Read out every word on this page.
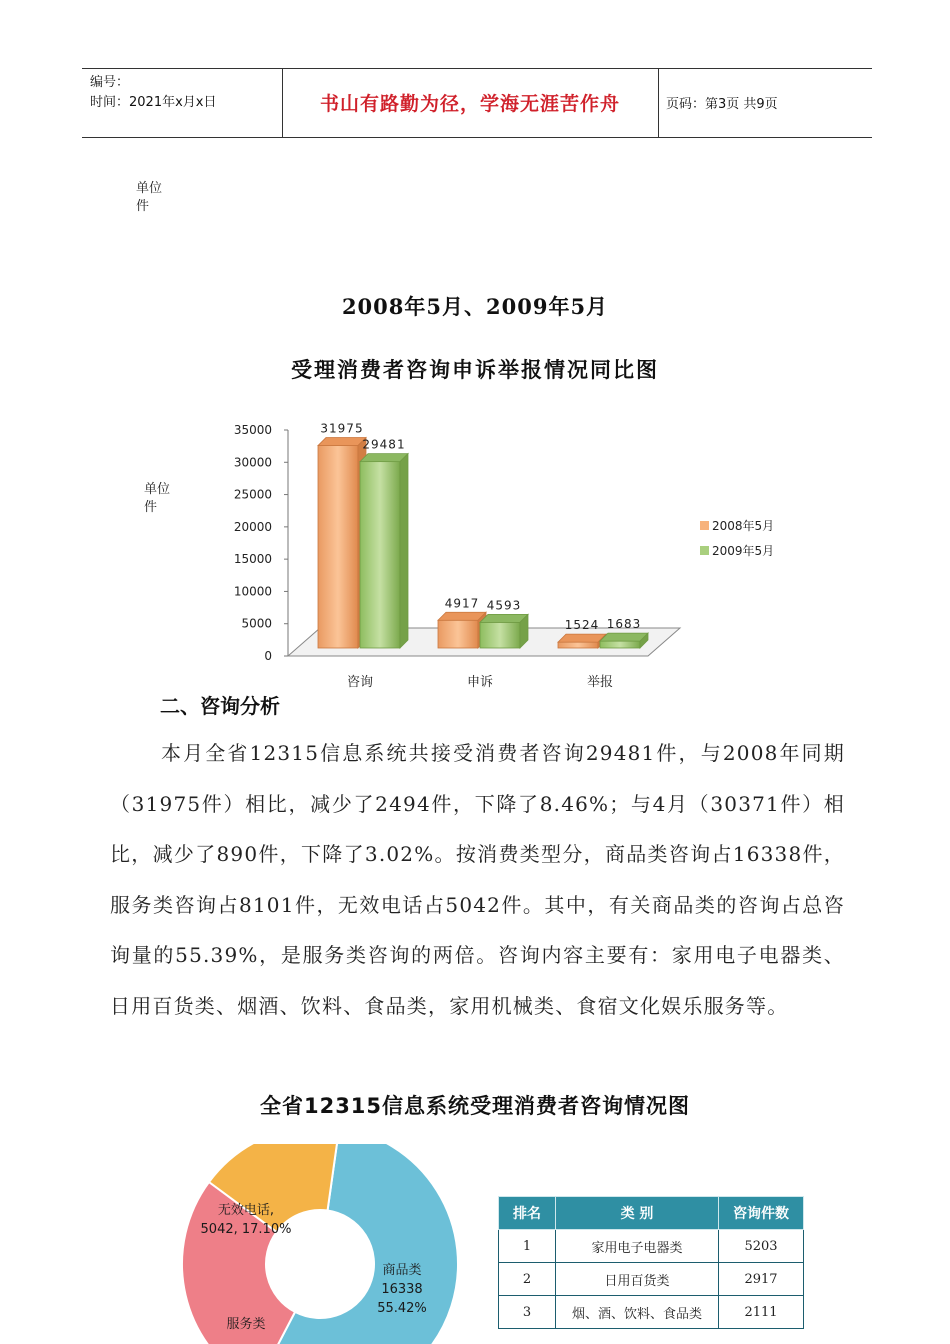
编号：
时间：2021年x月x日	书山有路勤为径，学海无涯苦作舟	页码：第3页 共9页
单位
件
2008年5月、2009年5月
受理消费者咨询申诉举报情况同比图
单位
件
0
5000
10000
15000
20000
25000
30000
35000
咨询	申诉	举报
31975
29481
4917 4593
1524 1683
2008年5月
2009年5月
二、咨询分析
本月全省12315信息系统共接受消费者咨询29481件，与2008年同期（31975件）相比，减少了2494件，下降了8.46%；与4月（30371件）相比，减少了890件，下降了3.02%。按消费类型分，商品类咨询占16338件，服务类咨询占8101件，无效电话占5042件。其中，有关商品类的咨询占总咨询量的55.39%，是服务类咨询的两倍。咨询内容主要有：家用电子电器类、日用百货类、烟酒、饮料、食品类，家用机械类、食宿文化娱乐服务等。
全省12315信息系统受理消费者咨询情况图
商品类 16338 55.42%
服务类
无效电话, 5042, 17.10%
排名	类 别	咨询件数
1	家用电子电器类	5203
2	日用百货类	2917
3	烟、酒、饮料、食品类	2111
